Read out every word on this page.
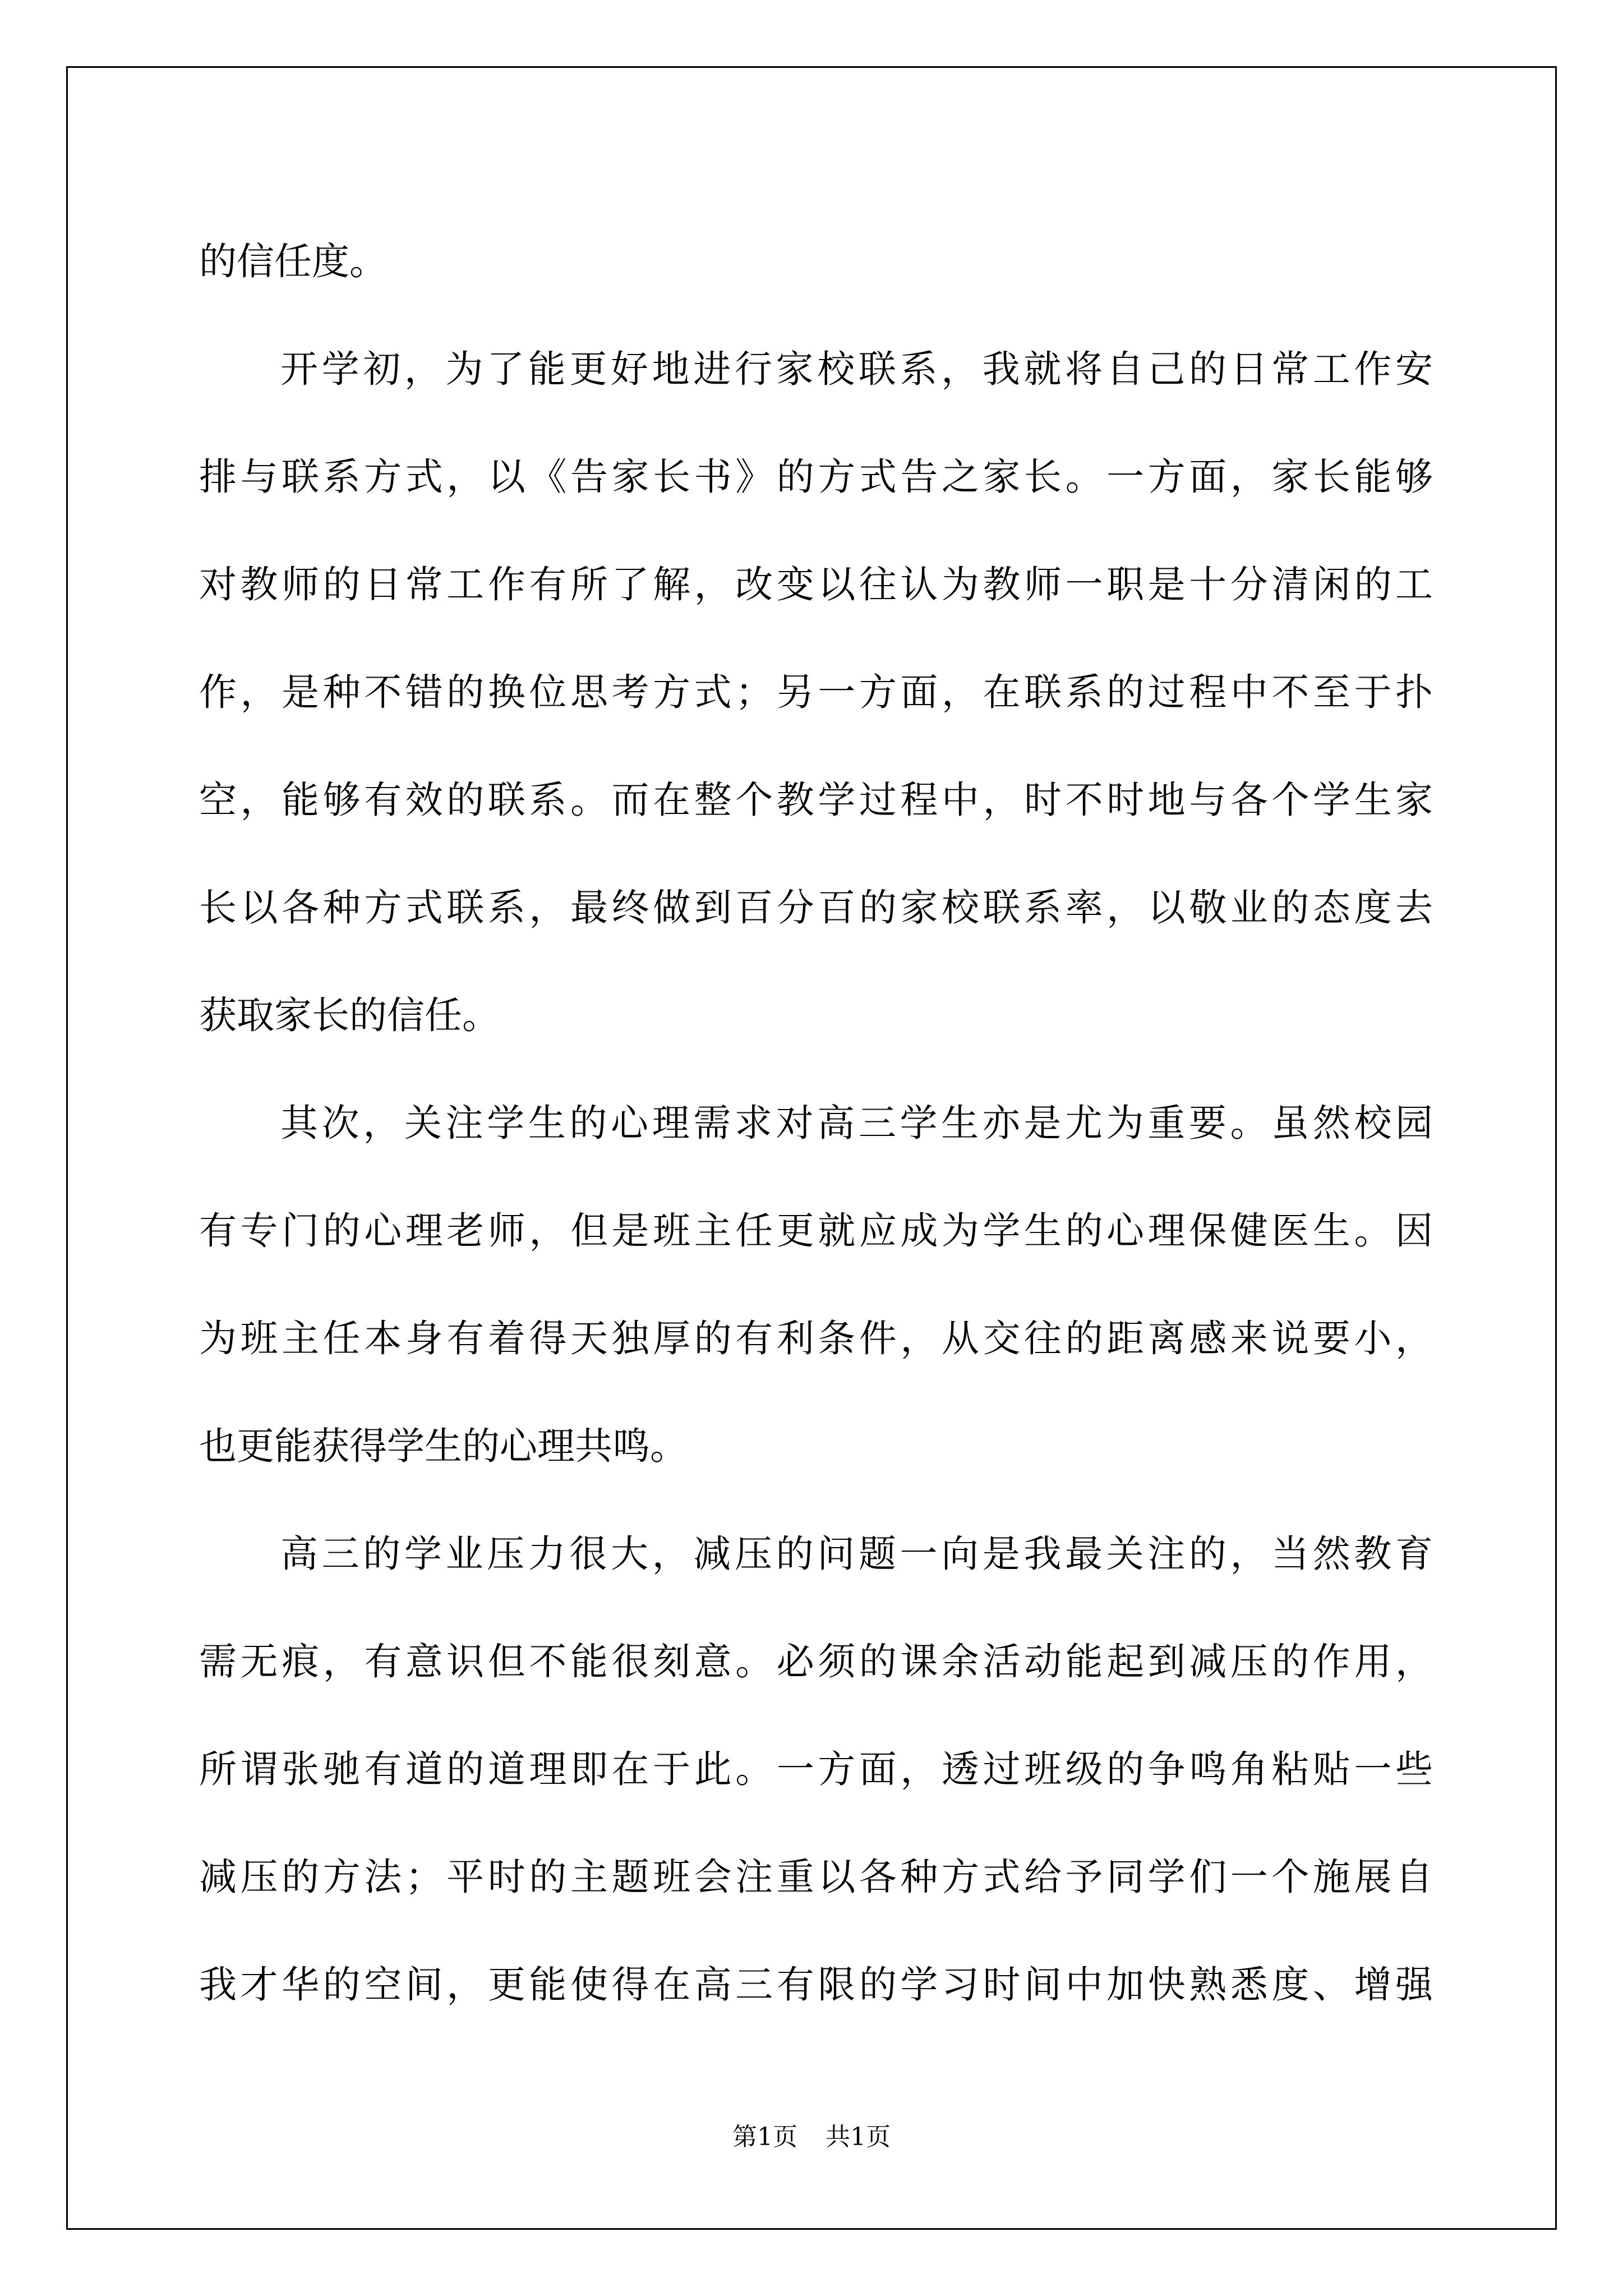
的信任度。
开学初，为了能更好地进行家校联系，我就将自己的日常工作安
排与联系方式，以《告家长书》的方式告之家长。一方面，家长能够
对教师的日常工作有所了解，改变以往认为教师一职是十分清闲的工
作，是种不错的换位思考方式；另一方面，在联系的过程中不至于扑
空，能够有效的联系。而在整个教学过程中，时不时地与各个学生家
长以各种方式联系，最终做到百分百的家校联系率，以敬业的态度去
获取家长的信任。
其次，关注学生的心理需求对高三学生亦是尤为重要。虽然校园
有专门的心理老师，但是班主任更就应成为学生的心理保健医生。因
为班主任本身有着得天独厚的有利条件，从交往的距离感来说要小，
也更能获得学生的心理共鸣。
高三的学业压力很大，减压的问题一向是我最关注的，当然教育
需无痕，有意识但不能很刻意。必须的课余活动能起到减压的作用，
所谓张驰有道的道理即在于此。一方面，透过班级的争鸣角粘贴一些
减压的方法；平时的主题班会注重以各种方式给予同学们一个施展自
我才华的空间，更能使得在高三有限的学习时间中加快熟悉度、增强
第1页 共1页
